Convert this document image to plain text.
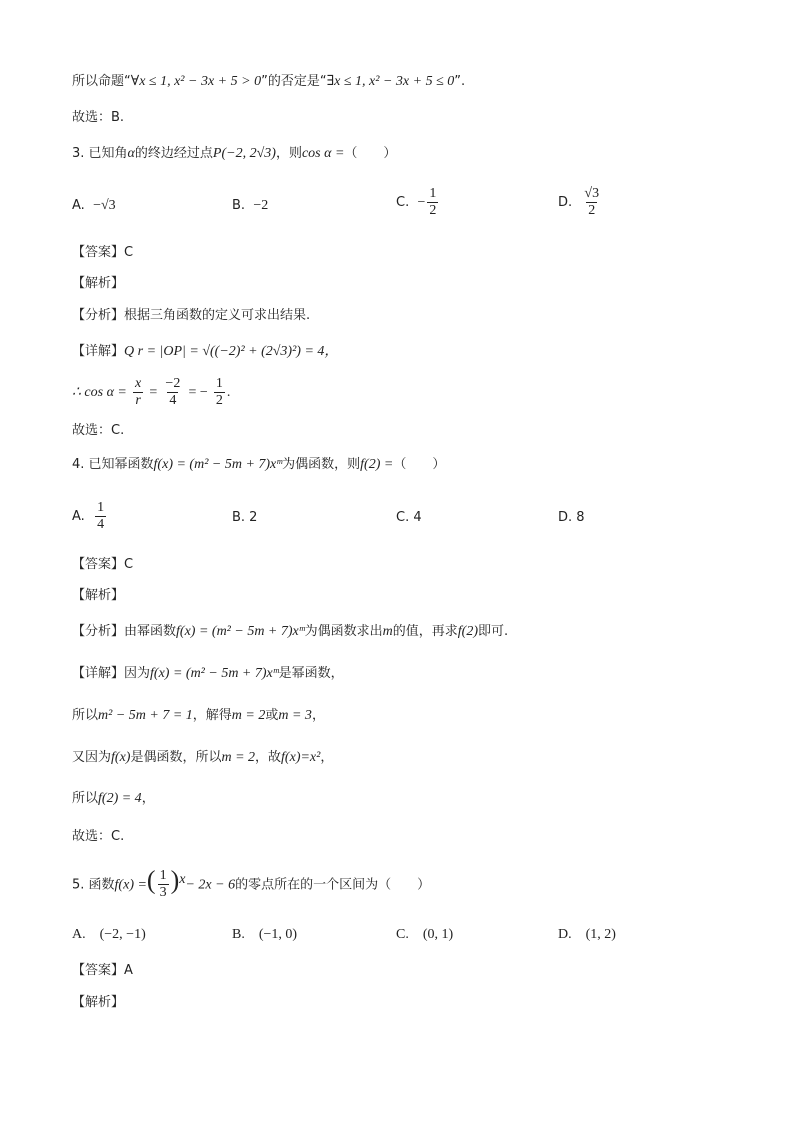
所以命题“∀x ≤ 1, x² − 3x + 5 > 0”的否定是“∃x ≤ 1, x² − 3x + 5 ≤ 0”.
故选：B.
3. 已知角α的终边经过点P(−2, 2√3)，则cos α =（　　）
A. −√3	B. −2	C. − $\frac{1}{2}$	D. $\frac{√3}{2}$
【答案】C
【解析】
【分析】根据三角函数的定义可求出结果.
【详解】Q r = |OP| = √((−2)² + (2√3)²) = 4，
∴ $\cos \alpha = \frac{x}{r} = \frac{-2}{4}$ = − $\frac{1}{2}$ .
故选：C.
4. 已知幂函数f(x) = (m² − 5m + 7)xᵐ为偶函数，则f(2) =（　　）
A. $\frac{1}{4}$	B. 2	C. 4	D. 8
【答案】C
【解析】
【分析】由幂函数f(x) = (m² − 5m + 7)xᵐ为偶函数求出m的值，再求f(2)即可.
【详解】因为f(x) = (m² − 5m + 7)xᵐ是幂函数，
所以m² − 5m + 7 = 1，解得m = 2或m = 3，
又因为f(x)是偶函数，所以m = 2，故f(x)=x²，
所以f(2) = 4，
故选：C.
5. 函数f(x) =( $\frac{1}{3} )^x- 2x - 6$的零点所在的一个区间为（　　）
A.　(−2, −1)	B.　(−1, 0)	C.　(0, 1)	D.　(1, 2)
【答案】A
【解析】
